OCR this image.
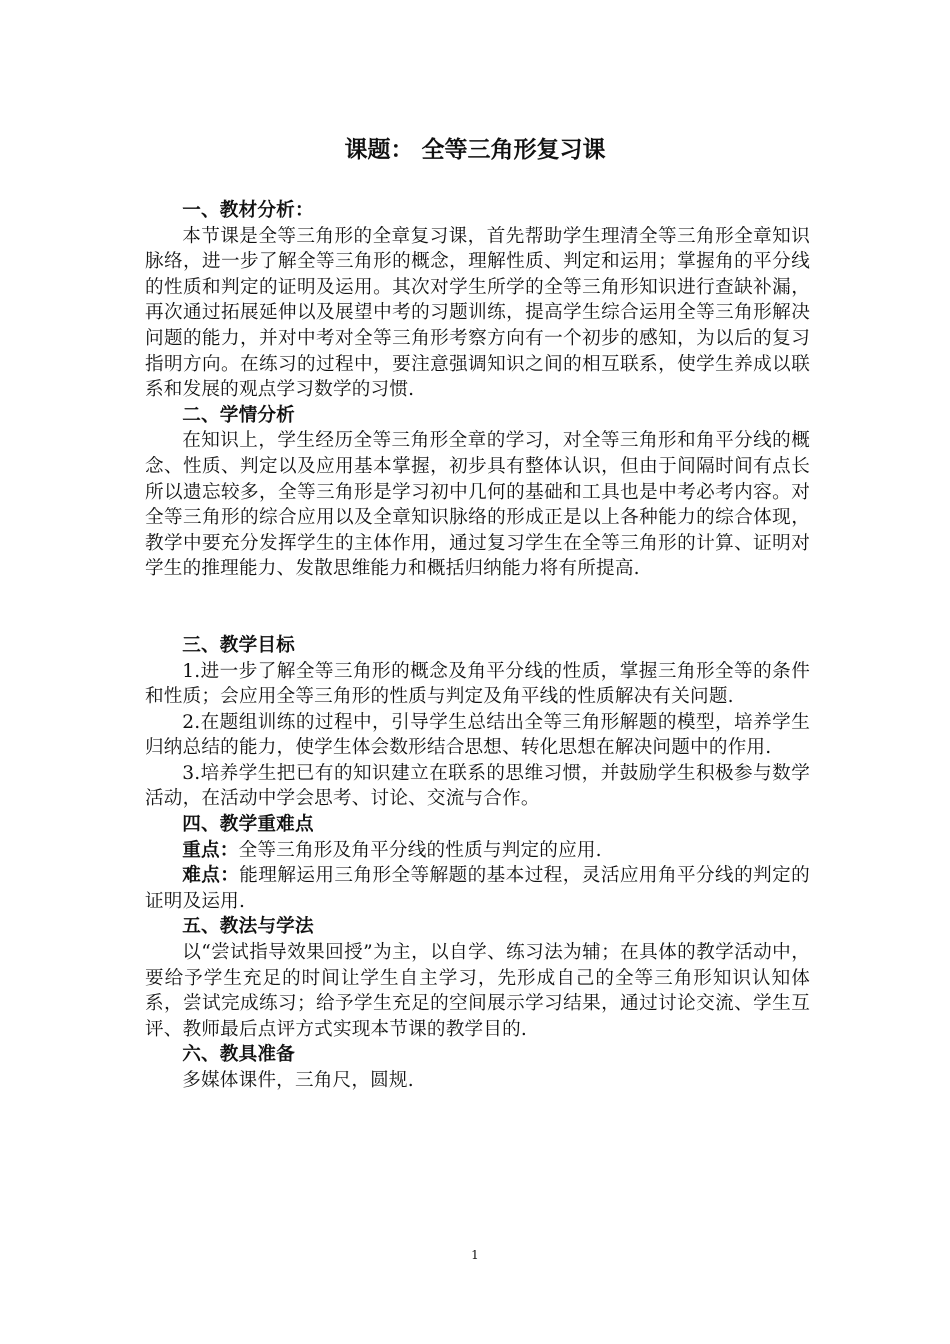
课题： 全等三角形复习课
一、教材分析：

本节课是全等三角形的全章复习课，首先帮助学生理清全等三角形全章知识脉络，进一步了解全等三角形的概念，理解性质、判定和运用；掌握角的平分线的性质和判定的证明及运用。其次对学生所学的全等三角形知识进行查缺补漏，再次通过拓展延伸以及展望中考的习题训练，提高学生综合运用全等三角形解决问题的能力，并对中考对全等三角形考察方向有一个初步的感知，为以后的复习指明方向。在练习的过程中，要注意强调知识之间的相互联系，使学生养成以联系和发展的观点学习数学的习惯.

二、学情分析

在知识上，学生经历全等三角形全章的学习，对全等三角形和角平分线的概念、性质、判定以及应用基本掌握，初步具有整体认识，但由于间隔时间有点长所以遗忘较多，全等三角形是学习初中几何的基础和工具也是中考必考内容。对全等三角形的综合应用以及全章知识脉络的形成正是以上各种能力的综合体现，教学中要充分发挥学生的主体作用，通过复习学生在全等三角形的计算、证明对学生的推理能力、发散思维能力和概括归纳能力将有所提高.

三、教学目标

1.进一步了解全等三角形的概念及角平分线的性质，掌握三角形全等的条件和性质；会应用全等三角形的性质与判定及角平线的性质解决有关问题.

2.在题组训练的过程中，引导学生总结出全等三角形解题的模型，培养学生归纳总结的能力，使学生体会数形结合思想、转化思想在解决问题中的作用.

3.培养学生把已有的知识建立在联系的思维习惯，并鼓励学生积极参与数学活动，在活动中学会思考、讨论、交流与合作。

四、教学重难点

重点：全等三角形及角平分线的性质与判定的应用.

难点：能理解运用三角形全等解题的基本过程，灵活应用角平分线的判定的证明及运用.

五、教法与学法

以“尝试指导效果回授”为主，以自学、练习法为辅；在具体的教学活动中，要给予学生充足的时间让学生自主学习，先形成自己的全等三角形知识认知体系，尝试完成练习；给予学生充足的空间展示学习结果，通过讨论交流、学生互评、教师最后点评方式实现本节课的教学目的.

六、教具准备

多媒体课件，三角尺，圆规.

1
